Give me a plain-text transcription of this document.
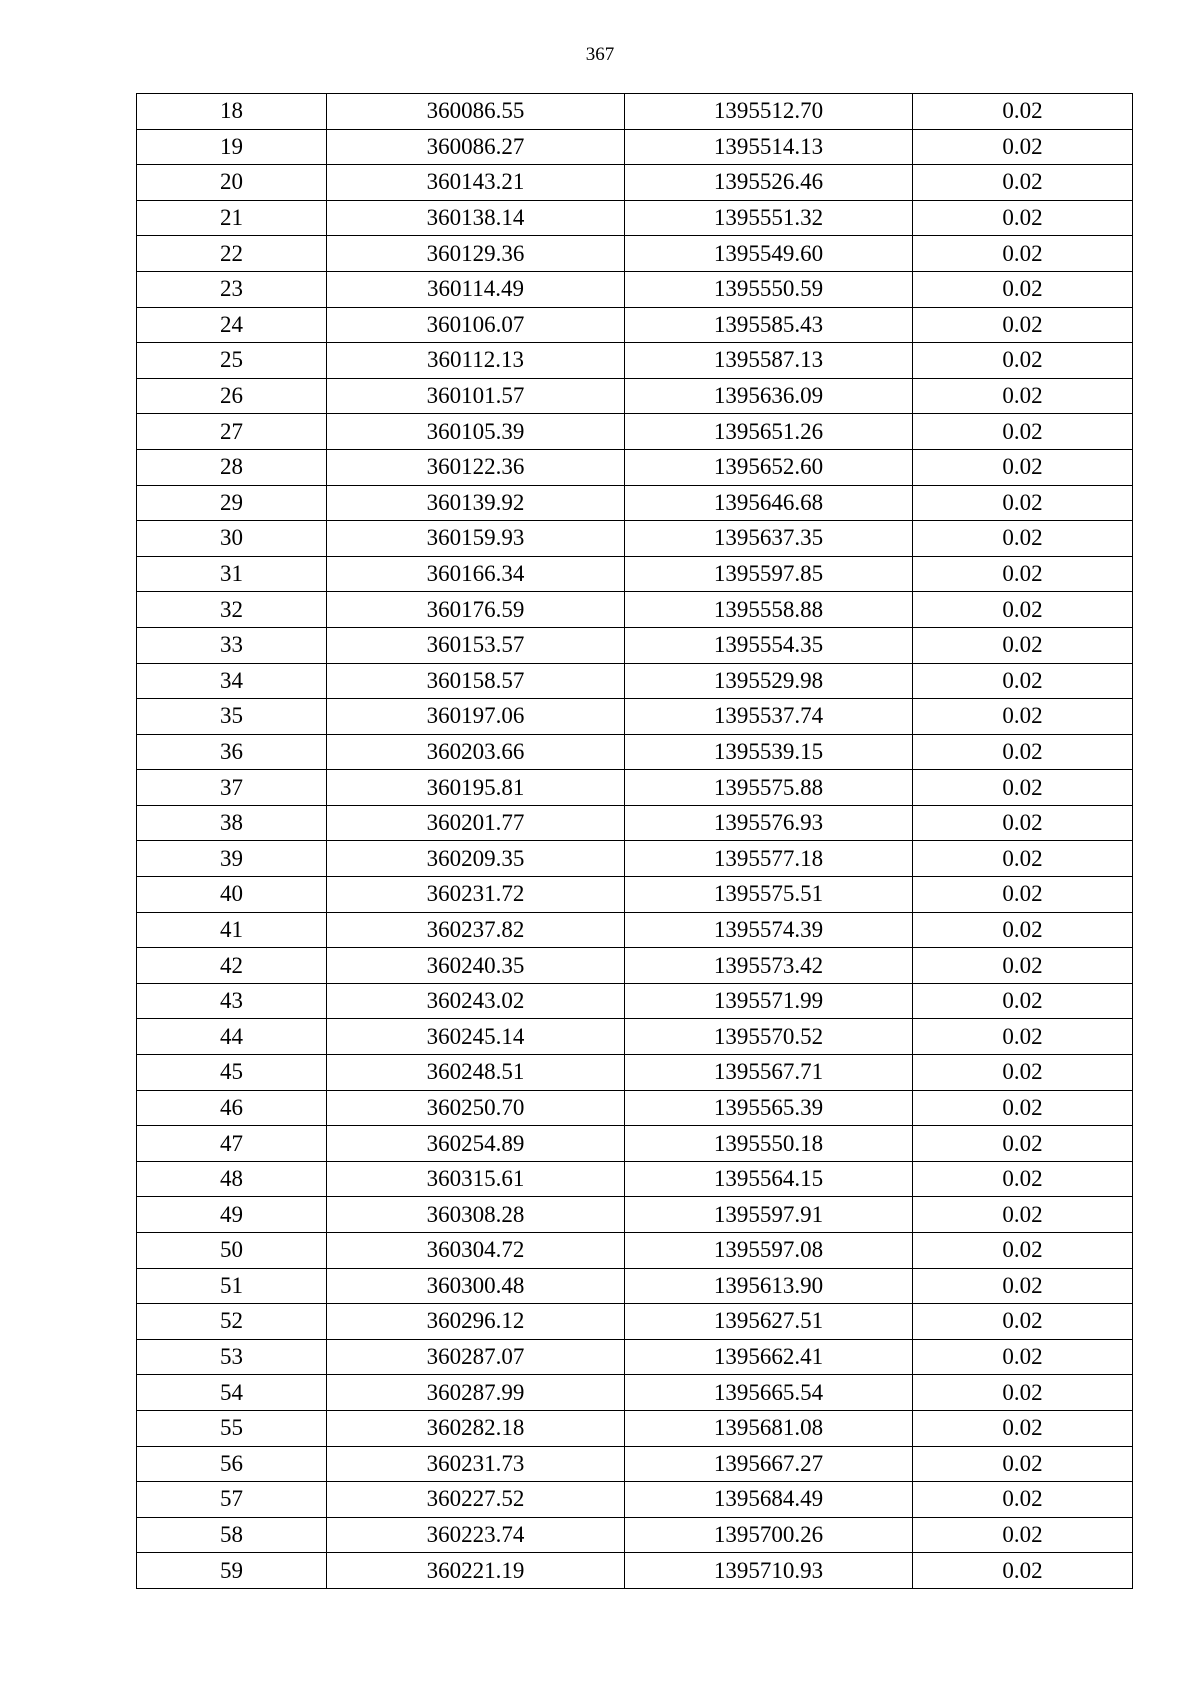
367
18	360086.55	1395512.70	0.02
19	360086.27	1395514.13	0.02
20	360143.21	1395526.46	0.02
21	360138.14	1395551.32	0.02
22	360129.36	1395549.60	0.02
23	360114.49	1395550.59	0.02
24	360106.07	1395585.43	0.02
25	360112.13	1395587.13	0.02
26	360101.57	1395636.09	0.02
27	360105.39	1395651.26	0.02
28	360122.36	1395652.60	0.02
29	360139.92	1395646.68	0.02
30	360159.93	1395637.35	0.02
31	360166.34	1395597.85	0.02
32	360176.59	1395558.88	0.02
33	360153.57	1395554.35	0.02
34	360158.57	1395529.98	0.02
35	360197.06	1395537.74	0.02
36	360203.66	1395539.15	0.02
37	360195.81	1395575.88	0.02
38	360201.77	1395576.93	0.02
39	360209.35	1395577.18	0.02
40	360231.72	1395575.51	0.02
41	360237.82	1395574.39	0.02
42	360240.35	1395573.42	0.02
43	360243.02	1395571.99	0.02
44	360245.14	1395570.52	0.02
45	360248.51	1395567.71	0.02
46	360250.70	1395565.39	0.02
47	360254.89	1395550.18	0.02
48	360315.61	1395564.15	0.02
49	360308.28	1395597.91	0.02
50	360304.72	1395597.08	0.02
51	360300.48	1395613.90	0.02
52	360296.12	1395627.51	0.02
53	360287.07	1395662.41	0.02
54	360287.99	1395665.54	0.02
55	360282.18	1395681.08	0.02
56	360231.73	1395667.27	0.02
57	360227.52	1395684.49	0.02
58	360223.74	1395700.26	0.02
59	360221.19	1395710.93	0.02
